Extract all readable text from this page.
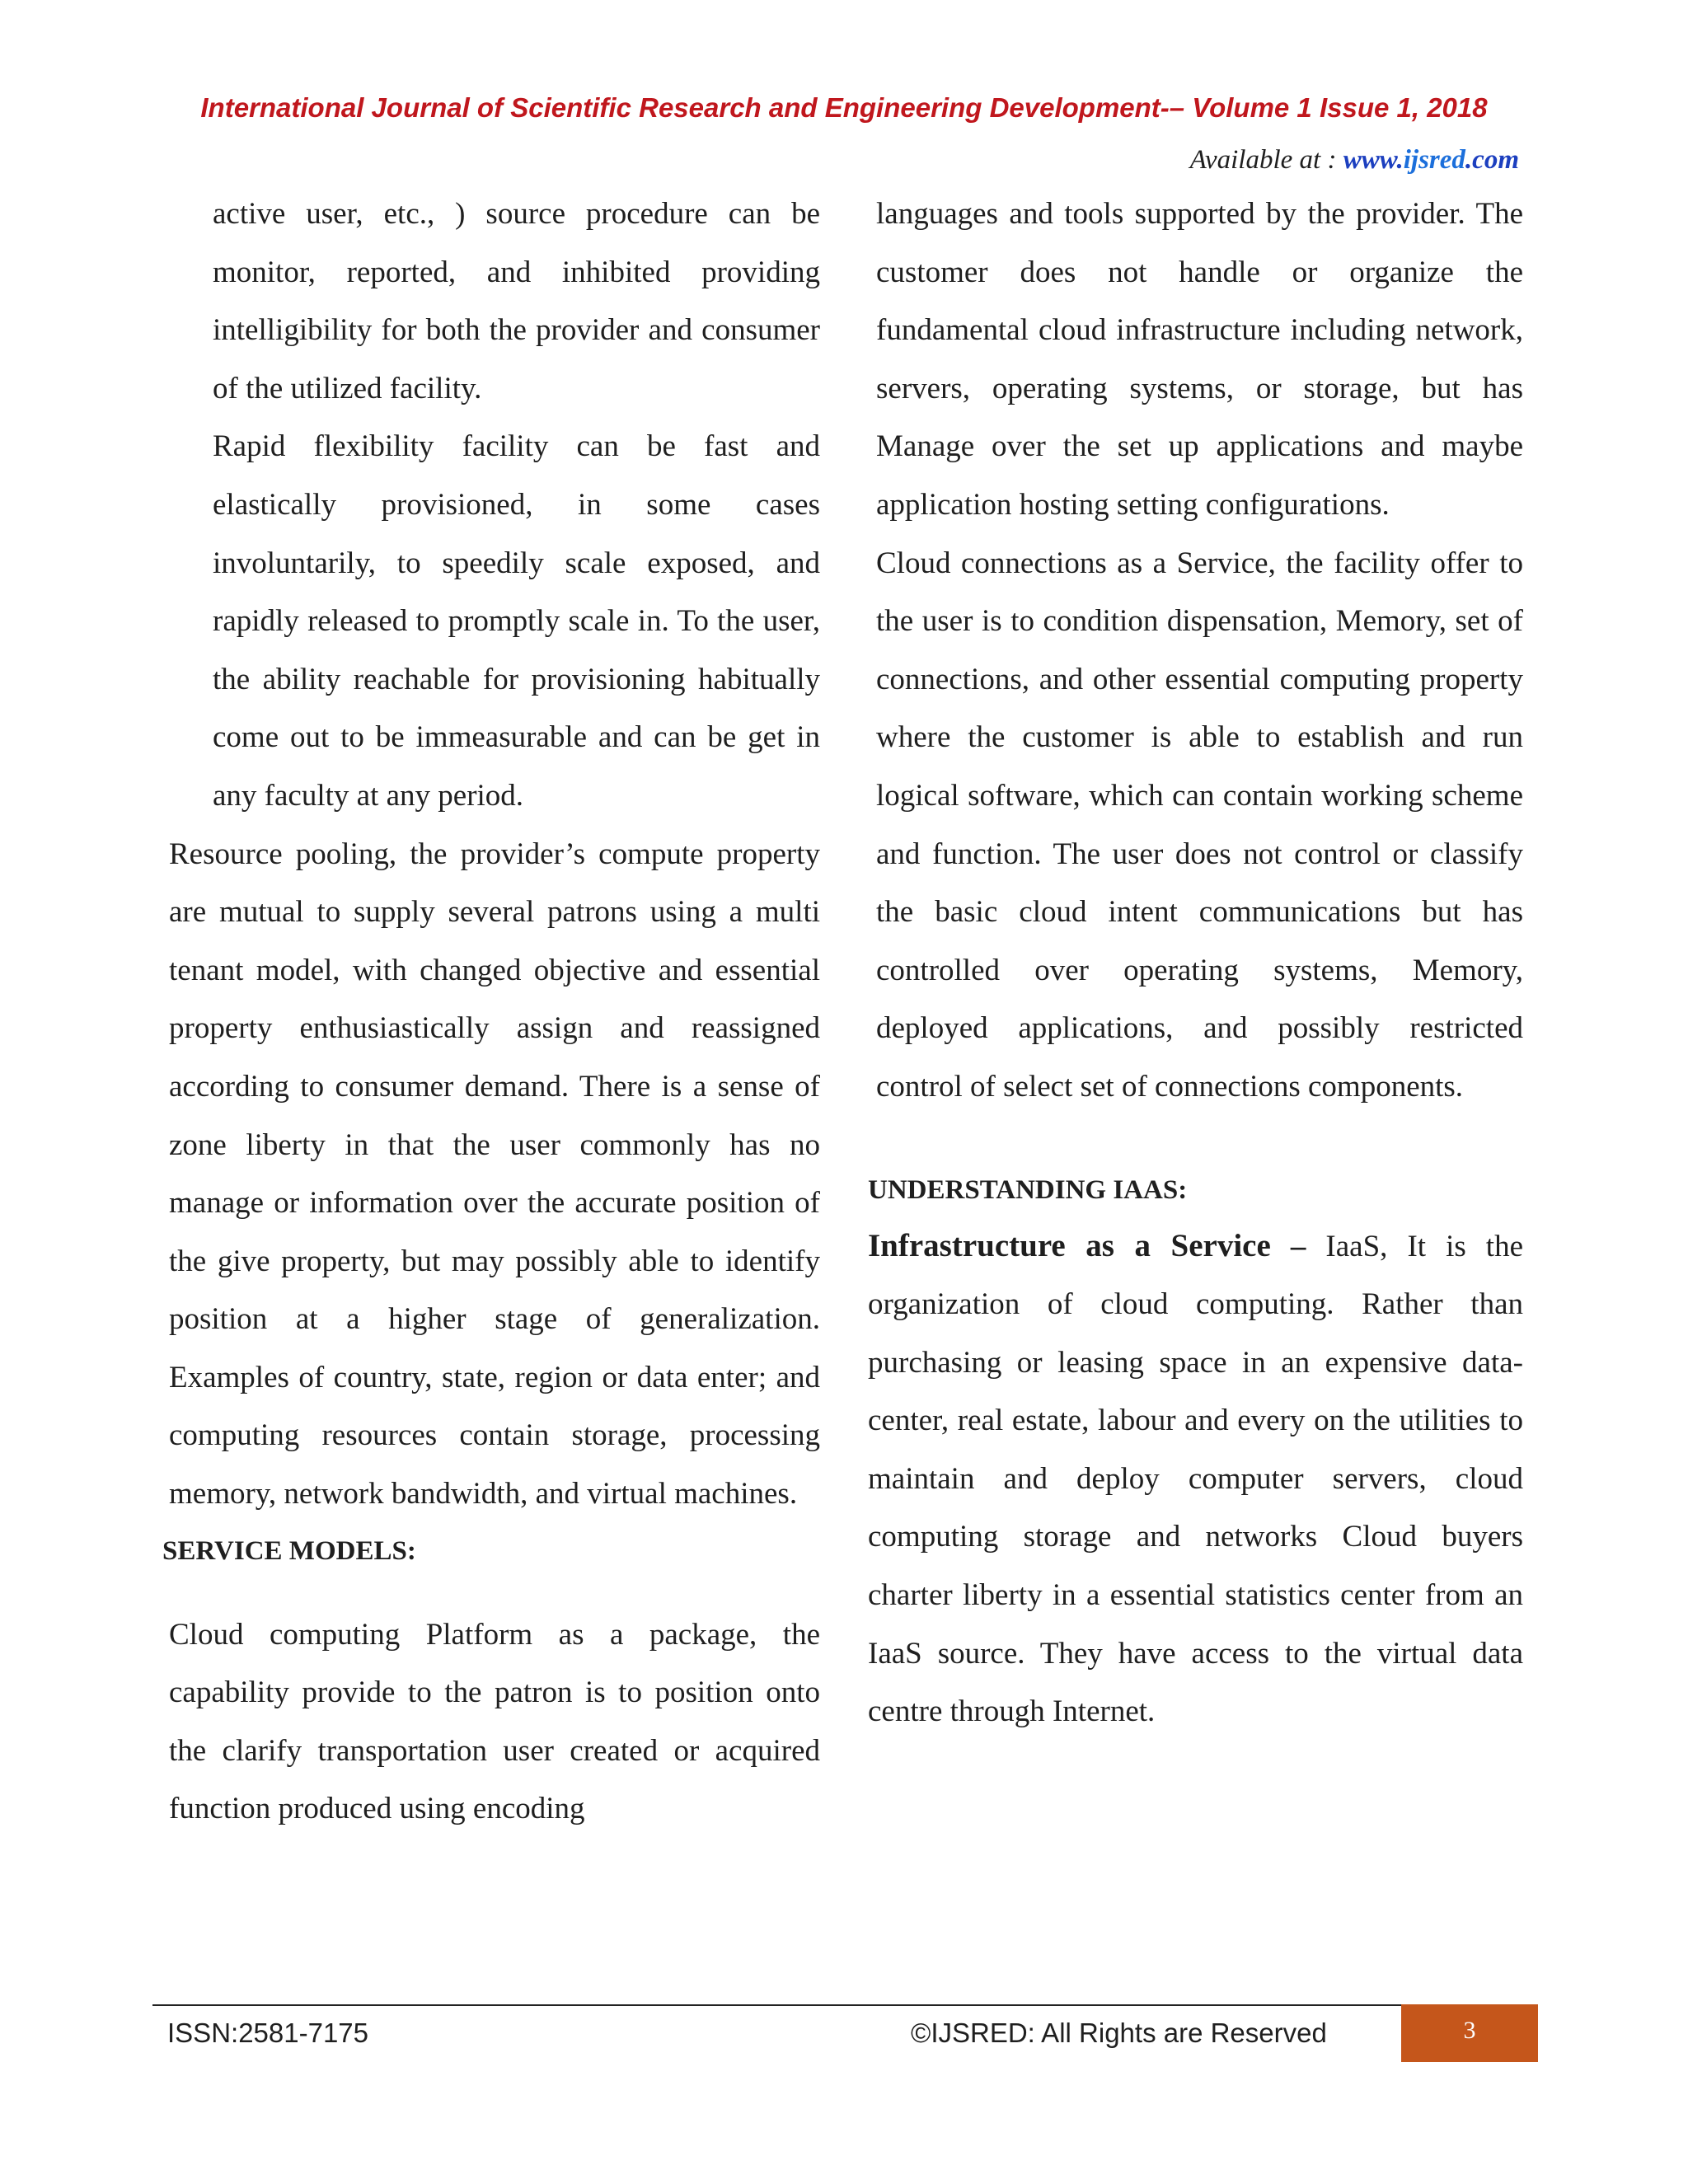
International Journal of Scientific Research and Engineering Development-– Volume 1 Issue 1, 2018
Available at : www.ijsred.com

active user, etc., ) source procedure can be monitor, reported, and inhibited providing intelligibility for both the provider and consumer of the utilized facility.

Rapid flexibility facility can be fast and elastically provisioned, in some cases involuntarily, to speedily scale exposed, and rapidly released to promptly scale in. To the user, the ability reachable for provisioning habitually come out to be immeasurable and can be get in any faculty at any period.

Resource pooling, the provider’s compute property are mutual to supply several patrons using a multi tenant model, with changed objective and essential property enthusiastically assign and reassigned according to consumer demand. There is a sense of zone liberty in that the user commonly has no manage or information over the accurate position of the give property, but may possibly able to identify position at a higher stage of generalization. Examples of country, state, region or data enter; and computing resources contain storage, processing memory, network bandwidth, and virtual machines.

SERVICE MODELS:

Cloud computing Platform as a package, the capability provide to the patron is to position onto the clarify transportation user created or acquired function produced using encoding

languages and tools supported by the provider. The customer does not handle or organize the fundamental cloud infrastructure including network, servers, operating systems, or storage, but has Manage over the set up applications and maybe application hosting setting configurations.

Cloud connections as a Service, the facility offer to the user is to condition dispensation, Memory, set of connections, and other essential computing property where the customer is able to establish and run logical software, which can contain working scheme and function. The user does not control or classify the basic cloud intent communications but has controlled over operating systems, Memory, deployed applications, and possibly restricted control of select set of connections components.

UNDERSTANDING IAAS:

Infrastructure as a Service – IaaS, It is the organization of cloud computing. Rather than purchasing or leasing space in an expensive data-center, real estate, labour and every on the utilities to maintain and deploy computer servers, cloud computing storage and networks Cloud buyers charter liberty in a essential statistics center from an IaaS source. They have access to the virtual data centre through Internet.

ISSN:2581-7175	©IJSRED: All Rights are Reserved	3
